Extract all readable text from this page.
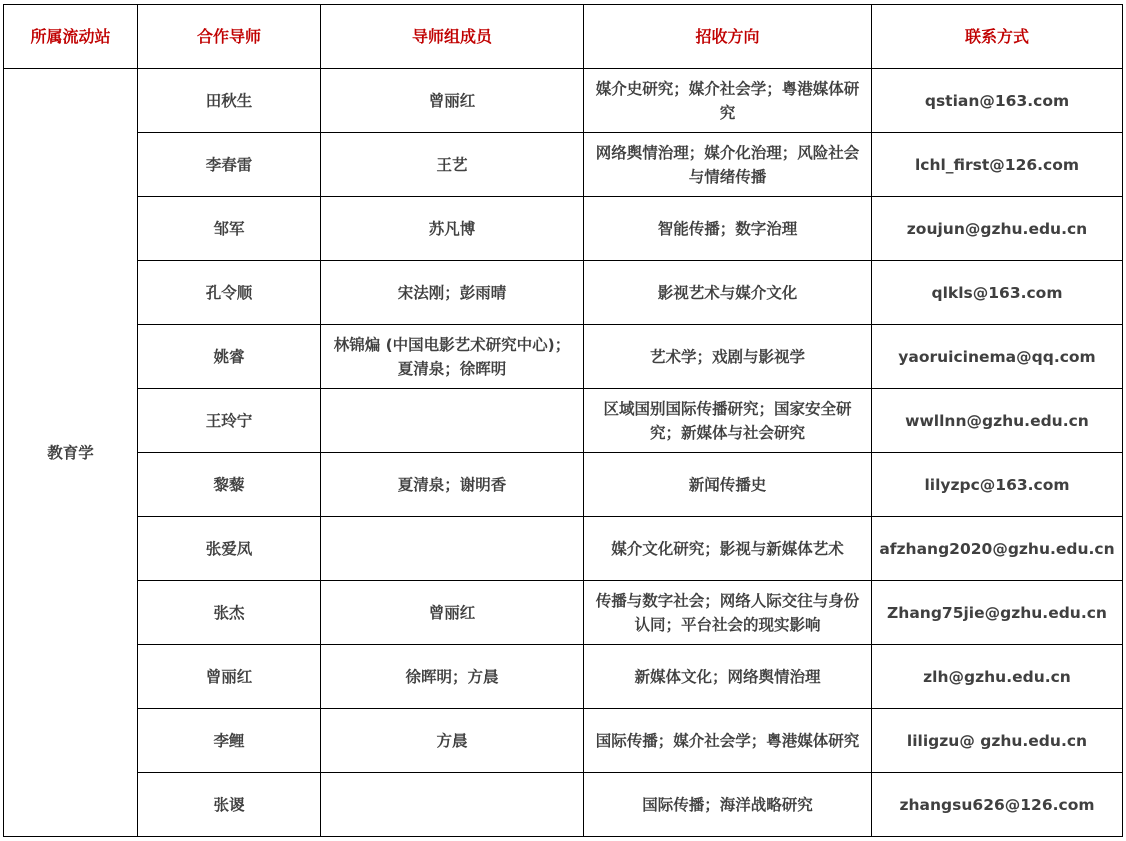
所属流动站	合作导师	导师组成员	招收方向	联系方式
教育学	田秋生	曾丽红	媒介史研究；媒介社会学；粤港媒体研究	qstian@163.com
	李春雷	王艺	网络舆情治理；媒介化治理；风险社会与情绪传播	lchl_first@126.com
	邹军	苏凡博	智能传播；数字治理	zoujun@gzhu.edu.cn
	孔令顺	宋法刚；彭雨晴	影视艺术与媒介文化	qlkls@163.com
	姚睿	林锦煸 (中国电影艺术研究中心)；夏清泉；徐晖明	艺术学；戏剧与影视学	yaoruicinema@qq.com
	王玲宁		区域国别国际传播研究；国家安全研究；新媒体与社会研究	wwllnn@gzhu.edu.cn
	黎藜	夏清泉；谢明香	新闻传播史	lilyzpc@163.com
	张爱凤		媒介文化研究；影视与新媒体艺术	afzhang2020@gzhu.edu.cn
	张杰	曾丽红	传播与数字社会；网络人际交往与身份认同；平台社会的现实影响	Zhang75jie@gzhu.edu.cn
	曾丽红	徐晖明；方晨	新媒体文化；网络舆情治理	zlh@gzhu.edu.cn
	李鲤	方晨	国际传播；媒介社会学；粤港媒体研究	liligzu@ gzhu.edu.cn
	张谡		国际传播；海洋战略研究	zhangsu626@126.com
